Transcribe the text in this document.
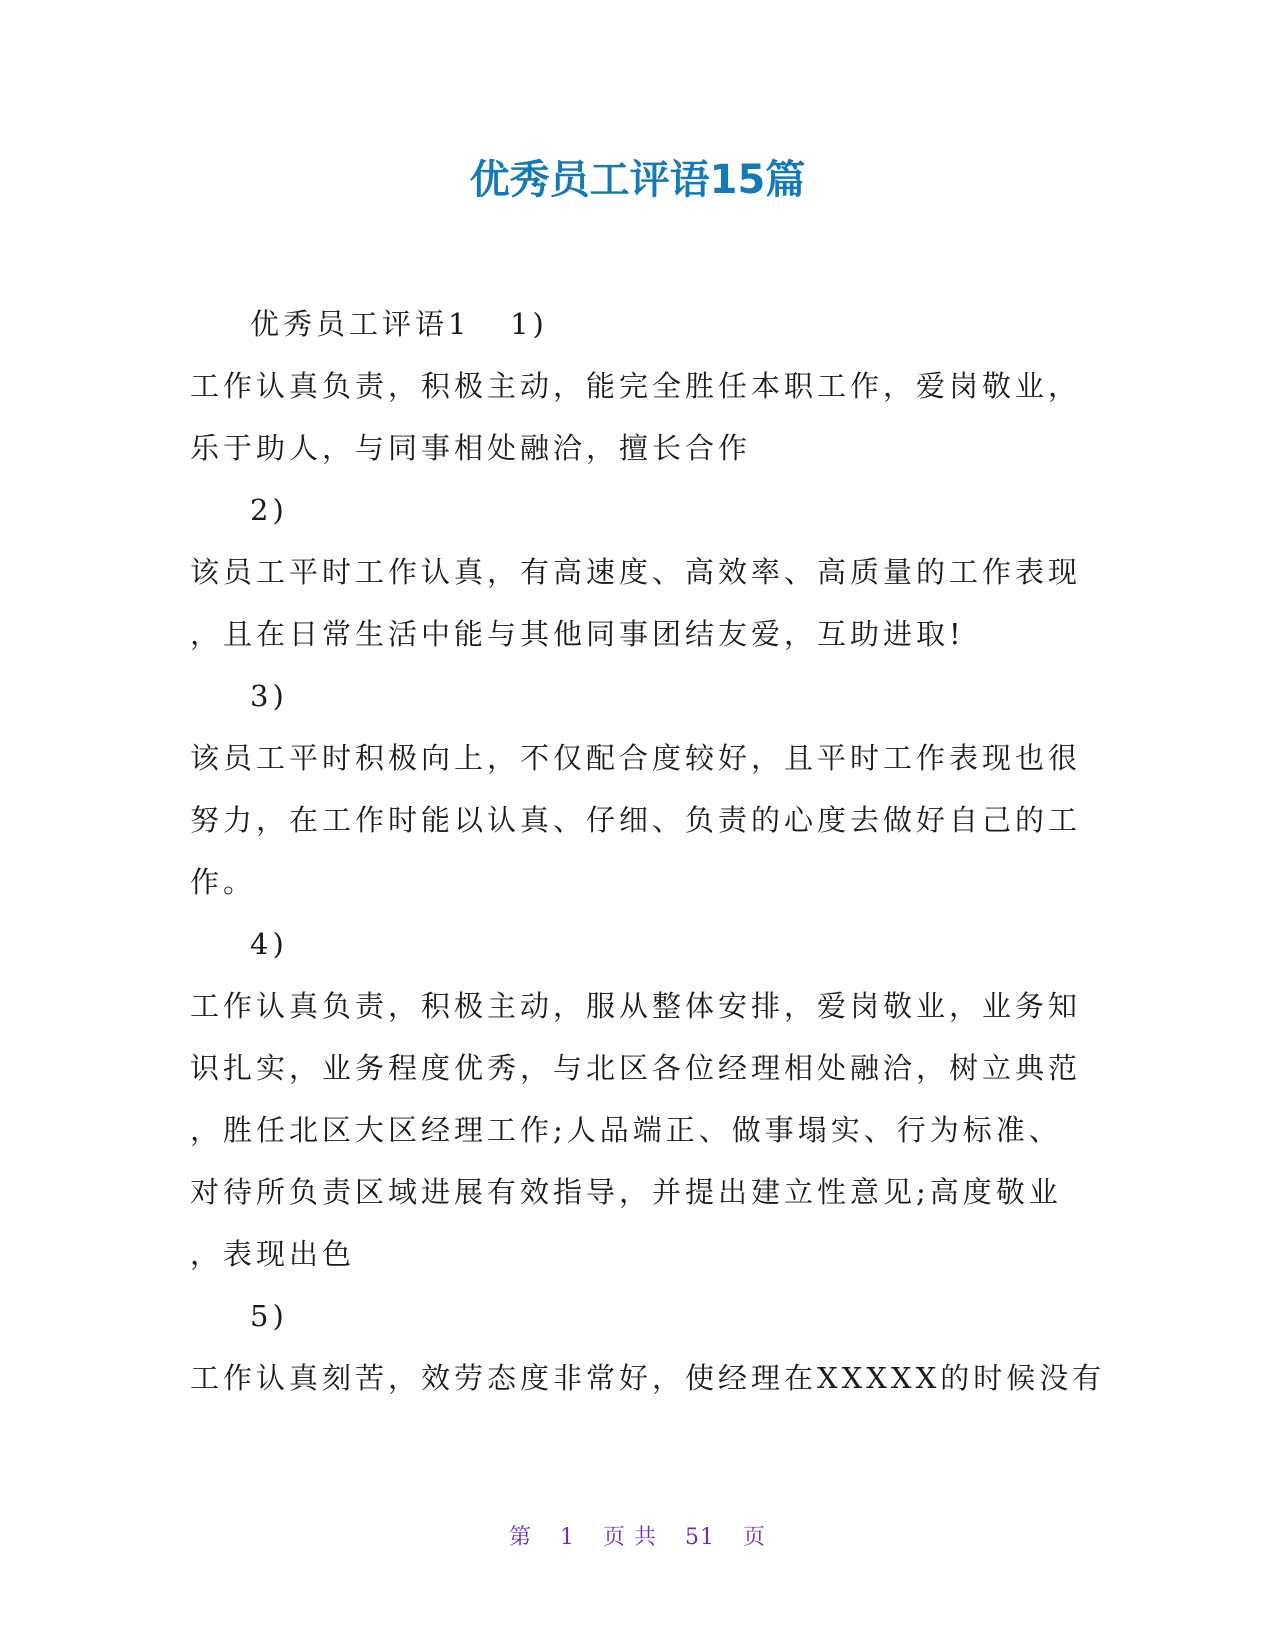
优秀员工评语15篇

优秀员工评语1   1)

工作认真负责，积极主动，能完全胜任本职工作，爱岗敬业，

乐于助人，与同事相处融洽，擅长合作

2)

该员工平时工作认真，有高速度、高效率、高质量的工作表现

，且在日常生活中能与其他同事团结友爱，互助进取!

3)

该员工平时积极向上，不仅配合度较好，且平时工作表现也很

努力，在工作时能以认真、仔细、负责的心度去做好自己的工

作。

4)

工作认真负责，积极主动，服从整体安排，爱岗敬业，业务知

识扎实，业务程度优秀，与北区各位经理相处融洽，树立典范

，胜任北区大区经理工作;人品端正、做事塌实、行为标准、

对待所负责区域进展有效指导，并提出建立性意见;高度敬业

，表现出色

5)

工作认真刻苦，效劳态度非常好，使经理在XXXXX的时候没有

第 1 页 共 51 页
